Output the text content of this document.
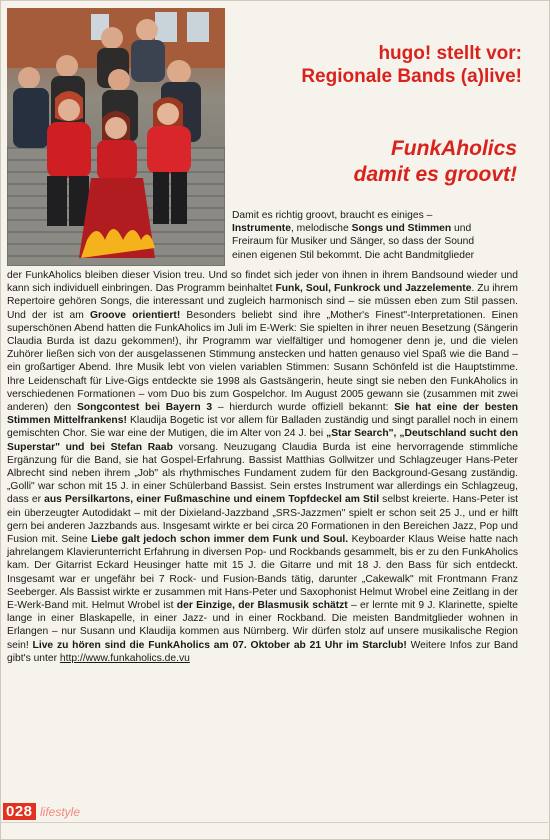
hugo! stellt vor:
Regionale Bands (a)live!
FunkAholics
damit es groovt!
Damit es richtig groovt, braucht es einiges –
Instrumente, melodische Songs und Stimmen und
Freiraum für Musiker und Sänger, so dass der Sound
einen eigenen Stil bekommt. Die acht Bandmitglieder
der FunkAholics bleiben dieser Vision treu. Und so findet sich jeder von ihnen in ihrem Bandsound wieder und kann sich individuell einbringen. Das Programm beinhaltet Funk, Soul, Funkrock und Jazzelemente. Zu ihrem Repertoire gehören Songs, die interessant und zugleich harmonisch sind – sie müssen eben zum Stil passen. Und der ist am Groove orientiert! Besonders beliebt sind ihre „Mother's Finest"-Interpretationen. Einen superschönen Abend hatten die FunkAholics im Juli im E-Werk: Sie spielten in ihrer neuen Besetzung (Sängerin Claudia Burda ist dazu gekommen!), ihr Programm war vielfältiger und homogener denn je, und die vielen Zuhörer ließen sich von der ausgelassenen Stimmung anstecken und hatten genauso viel Spaß wie die Band – ein großartiger Abend. Ihre Musik lebt von vielen variablen Stimmen: Susann Schönfeld ist die Hauptstimme. Ihre Leidenschaft für Live-Gigs entdeckte sie 1998 als Gastsängerin, heute singt sie neben den FunkAholics in verschiedenen Formationen – vom Duo bis zum Gospelchor. Im August 2005 gewann sie (zusammen mit zwei anderen) den Songcontest bei Bayern 3 – hierdurch wurde offiziell bekannt: Sie hat eine der besten Stimmen Mittelfrankens! Klaudija Bogetic ist vor allem für Balladen zuständig und singt parallel noch in einem gemischten Chor. Sie war eine der Mutigen, die im Alter von 24 J. bei „Star Search", „Deutschland sucht den Superstar" und bei Stefan Raab vorsang. Neuzugang Claudia Burda ist eine hervorragende stimmliche Ergänzung für die Band, sie hat Gospel-Erfahrung. Bassist Matthias Gollwitzer und Schlagzeuger Hans-Peter Albrecht sind neben ihrem „Job" als rhythmisches Fundament zudem für den Background-Gesang zuständig. „Golli" war schon mit 15 J. in einer Schülerband Bassist. Sein erstes Instrument war allerdings ein Schlagzeug, dass er aus Persilkartons, einer Fußmaschine und einem Topfdeckel am Stil selbst kreierte. Hans-Peter ist ein überzeugter Autodidakt – mit der Dixieland-Jazzband „SRS-Jazzmen" spielt er schon seit 25 J., und er hilft gern bei anderen Jazzbands aus. Insgesamt wirkte er bei circa 20 Formationen in den Bereichen Jazz, Pop und Fusion mit. Seine Liebe galt jedoch schon immer dem Funk und Soul. Keyboarder Klaus Weise hatte nach jahrelangem Klavierunterricht Erfahrung in diversen Pop- und Rockbands gesammelt, bis er zu den FunkAholics kam. Der Gitarrist Eckard Heusinger hatte mit 15 J. die Gitarre und mit 18 J. den Bass für sich entdeckt. Insgesamt war er ungefähr bei 7 Rock- und Fusion-Bands tätig, darunter „Cakewalk" mit Frontmann Franz Seeberger. Als Bassist wirkte er zusammen mit Hans-Peter und Saxophonist Helmut Wrobel eine Zeitlang in der E-Werk-Band mit. Helmut Wrobel ist der Einzige, der Blasmusik schätzt – er lernte mit 9 J. Klarinette, spielte lange in einer Blaskapelle, in einer Jazz- und in einer Rockband. Die meisten Bandmitglieder wohnen in Erlangen – nur Susann und Klaudija kommen aus Nürnberg. Wir dürfen stolz auf unsere musikalische Region sein! Live zu hören sind die FunkAholics am 07. Oktober ab 21 Uhr im Starclub! Weitere Infos zur Band gibt's unter http://www.funkaholics.de.vu
028 lifestyle
